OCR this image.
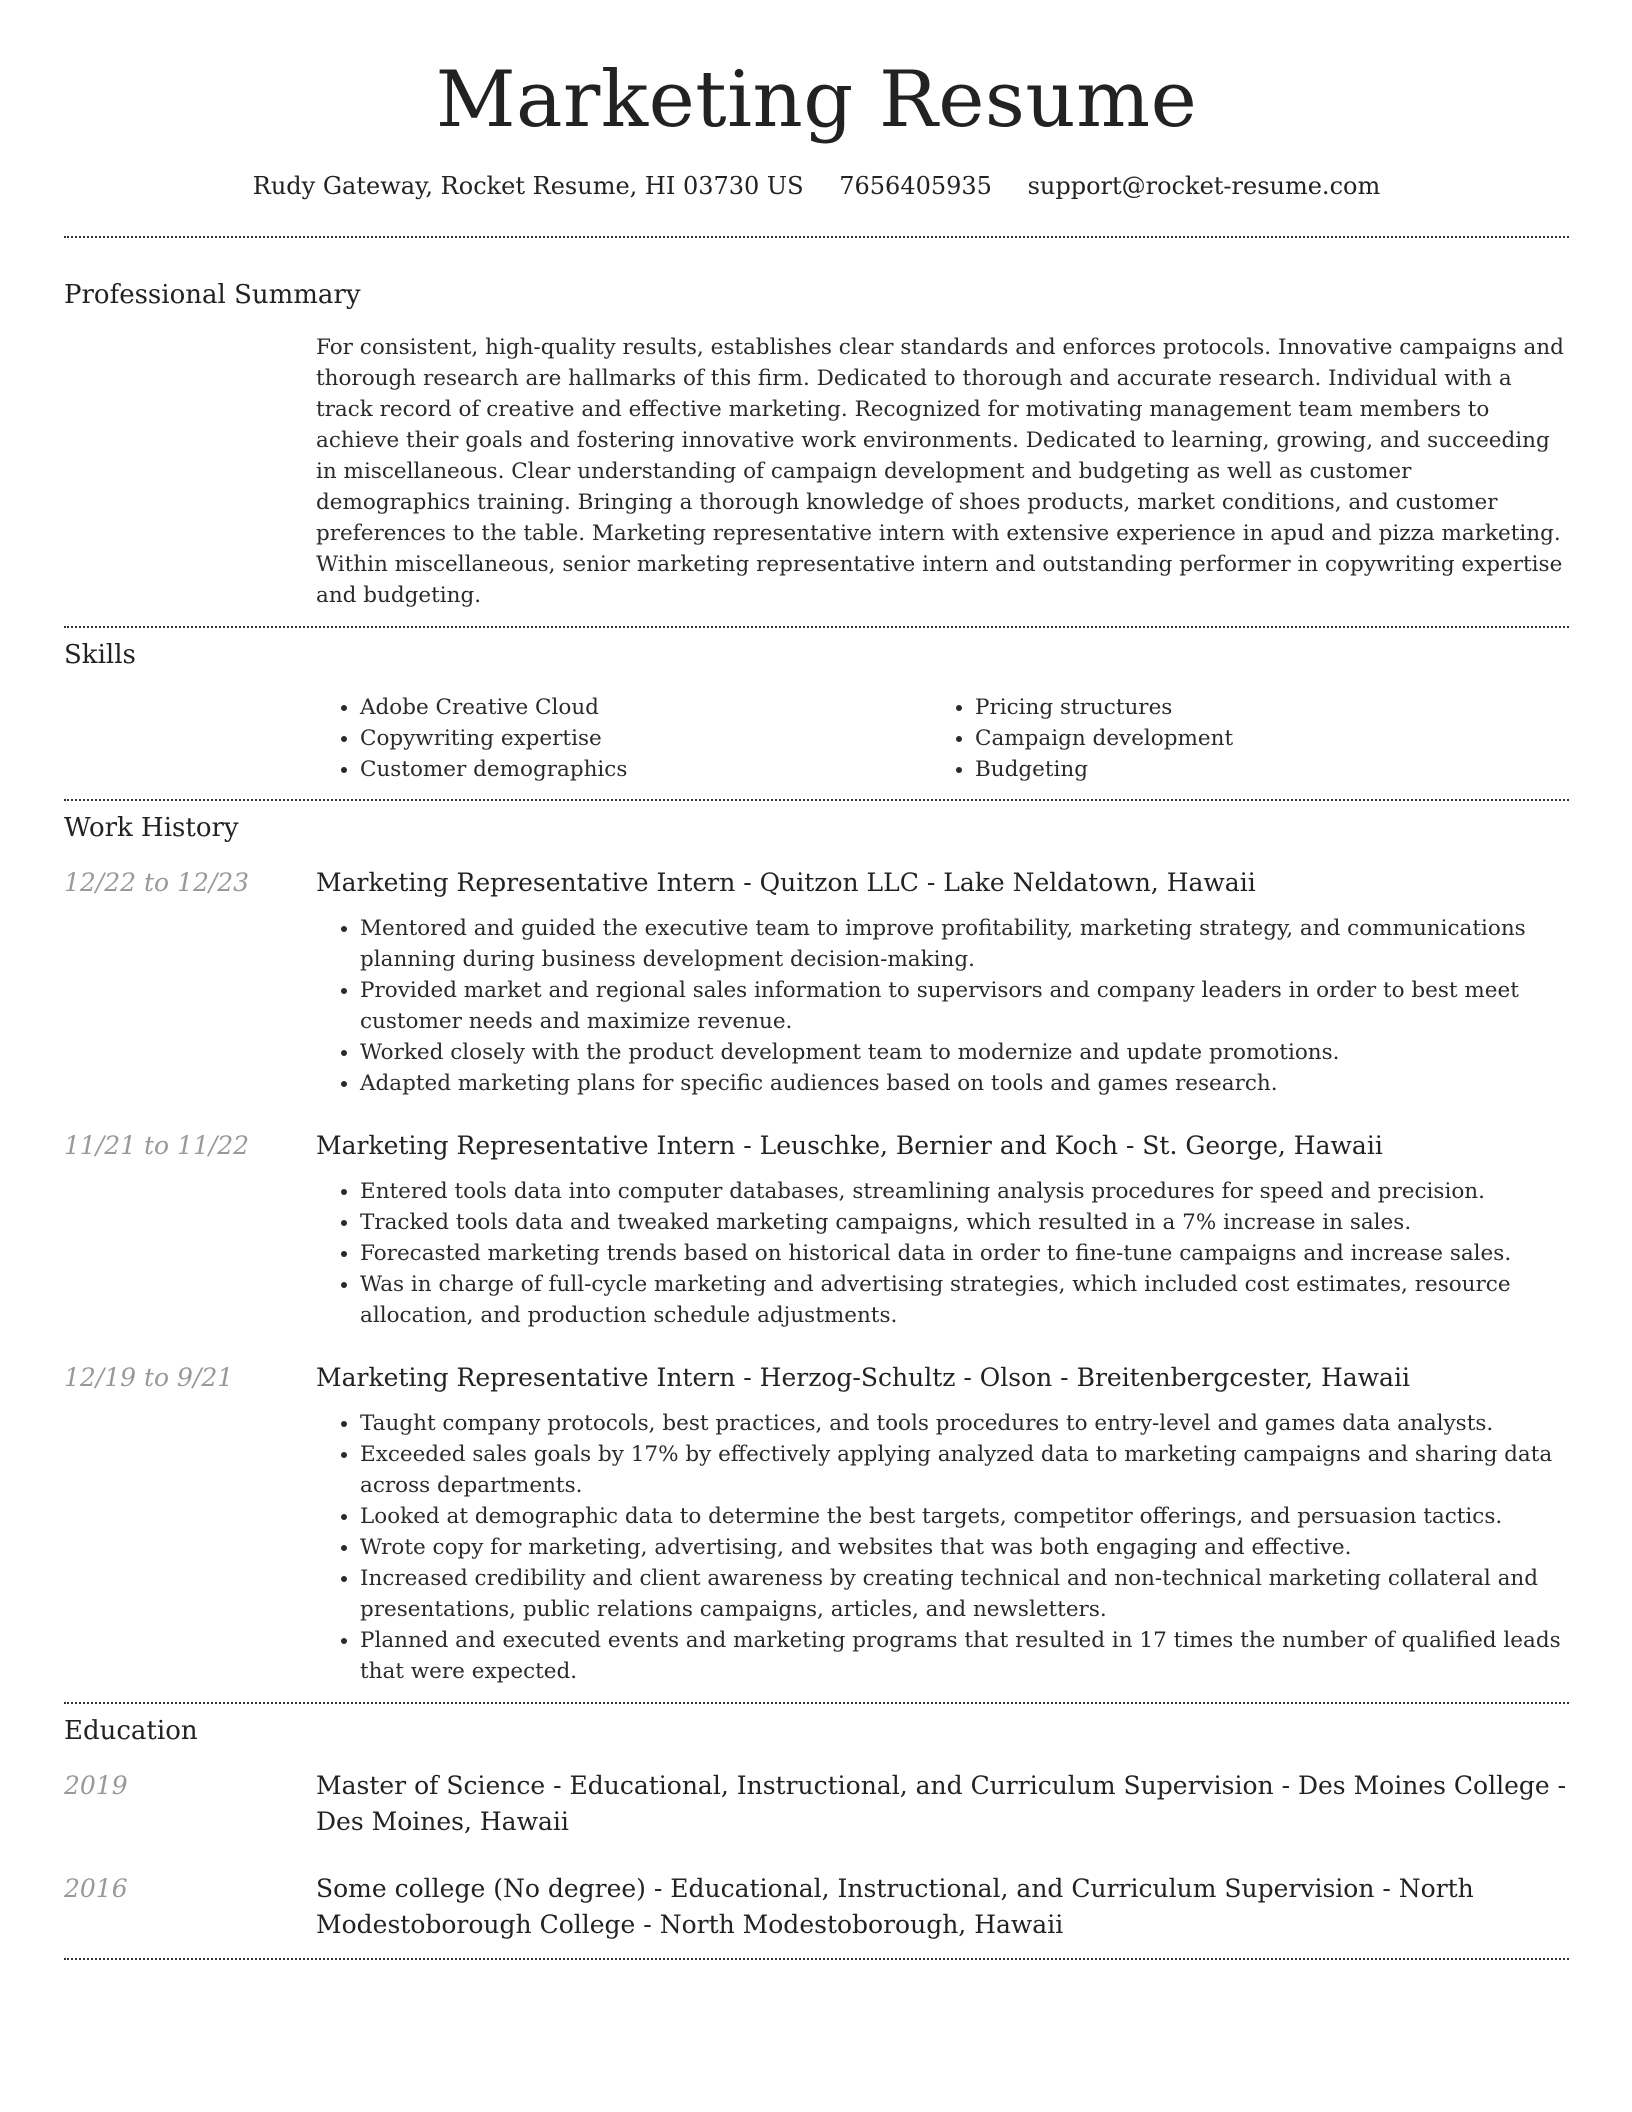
Marketing Resume
Rudy Gateway, Rocket Resume, HI 03730 US 7656405935 support@rocket-resume.com
Professional Summary
For consistent, high-quality results, establishes clear standards and enforces protocols. Innovative campaigns and thorough research are hallmarks of this firm. Dedicated to thorough and accurate research. Individual with a track record of creative and effective marketing. Recognized for motivating management team members to achieve their goals and fostering innovative work environments. Dedicated to learning, growing, and succeeding in miscellaneous. Clear understanding of campaign development and budgeting as well as customer demographics training. Bringing a thorough knowledge of shoes products, market conditions, and customer preferences to the table. Marketing representative intern with extensive experience in apud and pizza marketing. Within miscellaneous, senior marketing representative intern and outstanding performer in copywriting expertise and budgeting.
Skills
• Adobe Creative Cloud
• Copywriting expertise
• Customer demographics
• Pricing structures
• Campaign development
• Budgeting
Work History
12/22 to 12/23	Marketing Representative Intern - Quitzon LLC - Lake Neldatown, Hawaii
• Mentored and guided the executive team to improve profitability, marketing strategy, and communications planning during business development decision-making.
• Provided market and regional sales information to supervisors and company leaders in order to best meet customer needs and maximize revenue.
• Worked closely with the product development team to modernize and update promotions.
• Adapted marketing plans for specific audiences based on tools and games research.
11/21 to 11/22	Marketing Representative Intern - Leuschke, Bernier and Koch - St. George, Hawaii
• Entered tools data into computer databases, streamlining analysis procedures for speed and precision.
• Tracked tools data and tweaked marketing campaigns, which resulted in a 7% increase in sales.
• Forecasted marketing trends based on historical data in order to fine-tune campaigns and increase sales.
• Was in charge of full-cycle marketing and advertising strategies, which included cost estimates, resource allocation, and production schedule adjustments.
12/19 to 9/21	Marketing Representative Intern - Herzog-Schultz - Olson - Breitenbergcester, Hawaii
• Taught company protocols, best practices, and tools procedures to entry-level and games data analysts.
• Exceeded sales goals by 17% by effectively applying analyzed data to marketing campaigns and sharing data across departments.
• Looked at demographic data to determine the best targets, competitor offerings, and persuasion tactics.
• Wrote copy for marketing, advertising, and websites that was both engaging and effective.
• Increased credibility and client awareness by creating technical and non-technical marketing collateral and presentations, public relations campaigns, articles, and newsletters.
• Planned and executed events and marketing programs that resulted in 17 times the number of qualified leads that were expected.
Education
2019	Master of Science - Educational, Instructional, and Curriculum Supervision - Des Moines College - Des Moines, Hawaii
2016	Some college (No degree) - Educational, Instructional, and Curriculum Supervision - North Modestoborough College - North Modestoborough, Hawaii
